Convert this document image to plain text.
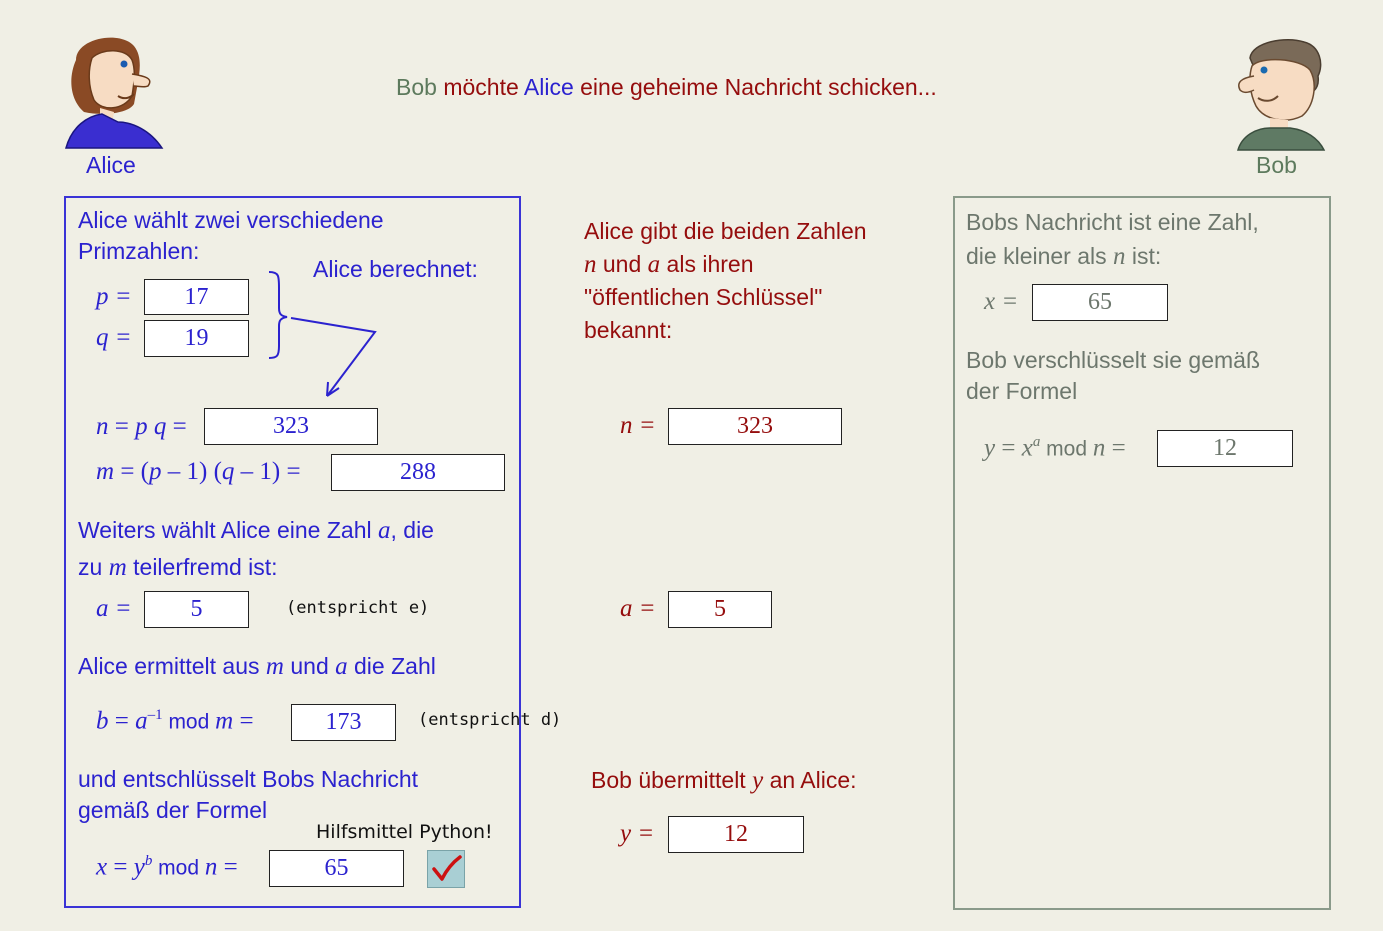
Bob möchte Alice eine geheime Nachricht schicken...
Alice	Bob
Alice wählt zwei verschiedene Primzahlen:
Alice berechnet:
p =	17
q =	19
n = p q =	323
m = (p – 1) (q – 1) =	288
Weiters wählt Alice eine Zahl a, die
zu m teilerfremd ist:
a =	5	(entspricht e)
Alice ermittelt aus m und a die Zahl
$b = a^{-1}$ mod m =	173	(entspricht d)
und entschlüsselt Bobs Nachricht
gemäß der Formel
Hilfsmittel Python!
$x = y^b$ mod n =	65
Alice gibt die beiden Zahlen
n und a als ihren
"öffentlichen Schlüssel"
bekannt:
n =	323
a =	5
Bob übermittelt y an Alice:
y =	12
Bobs Nachricht ist eine Zahl,
die kleiner als n ist:
x =	65
Bob verschlüsselt sie gemäß
der Formel
$y = x^a$ mod n =	12
